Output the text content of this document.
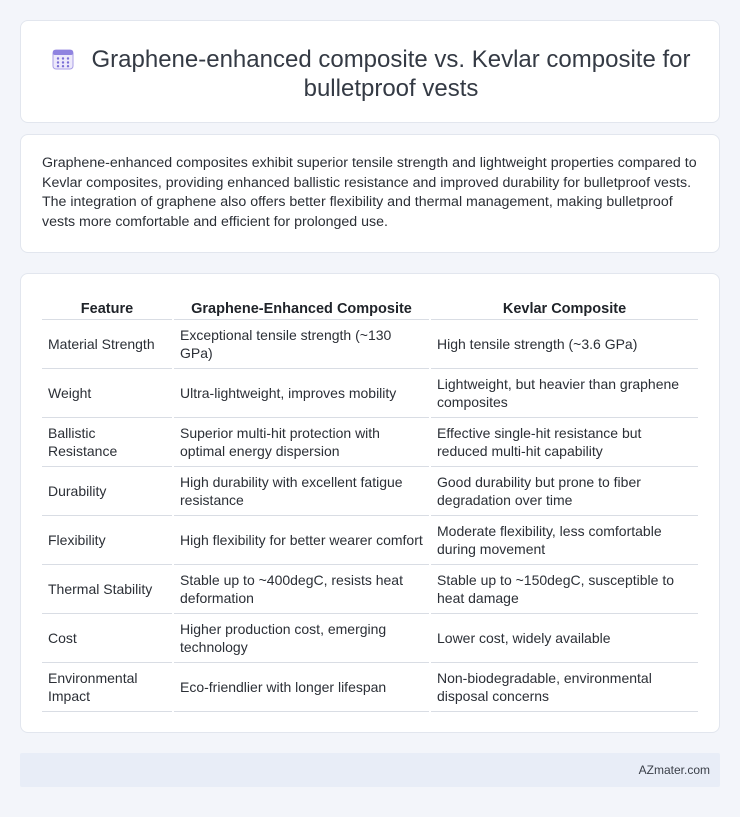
Graphene-enhanced composite vs. Kevlar composite for bulletproof vests

Graphene-enhanced composites exhibit superior tensile strength and lightweight properties compared to Kevlar composites, providing enhanced ballistic resistance and improved durability for bulletproof vests. The integration of graphene also offers better flexibility and thermal management, making bulletproof vests more comfortable and efficient for prolonged use.

Feature	Graphene-Enhanced Composite	Kevlar Composite
Material Strength	Exceptional tensile strength (~130 GPa)	High tensile strength (~3.6 GPa)
Weight	Ultra-lightweight, improves mobility	Lightweight, but heavier than graphene composites
Ballistic Resistance	Superior multi-hit protection with optimal energy dispersion	Effective single-hit resistance but reduced multi-hit capability
Durability	High durability with excellent fatigue resistance	Good durability but prone to fiber degradation over time
Flexibility	High flexibility for better wearer comfort	Moderate flexibility, less comfortable during movement
Thermal Stability	Stable up to ~400degC, resists heat deformation	Stable up to ~150degC, susceptible to heat damage
Cost	Higher production cost, emerging technology	Lower cost, widely available
Environmental Impact	Eco-friendlier with longer lifespan	Non-biodegradable, environmental disposal concerns
AZmater.com
